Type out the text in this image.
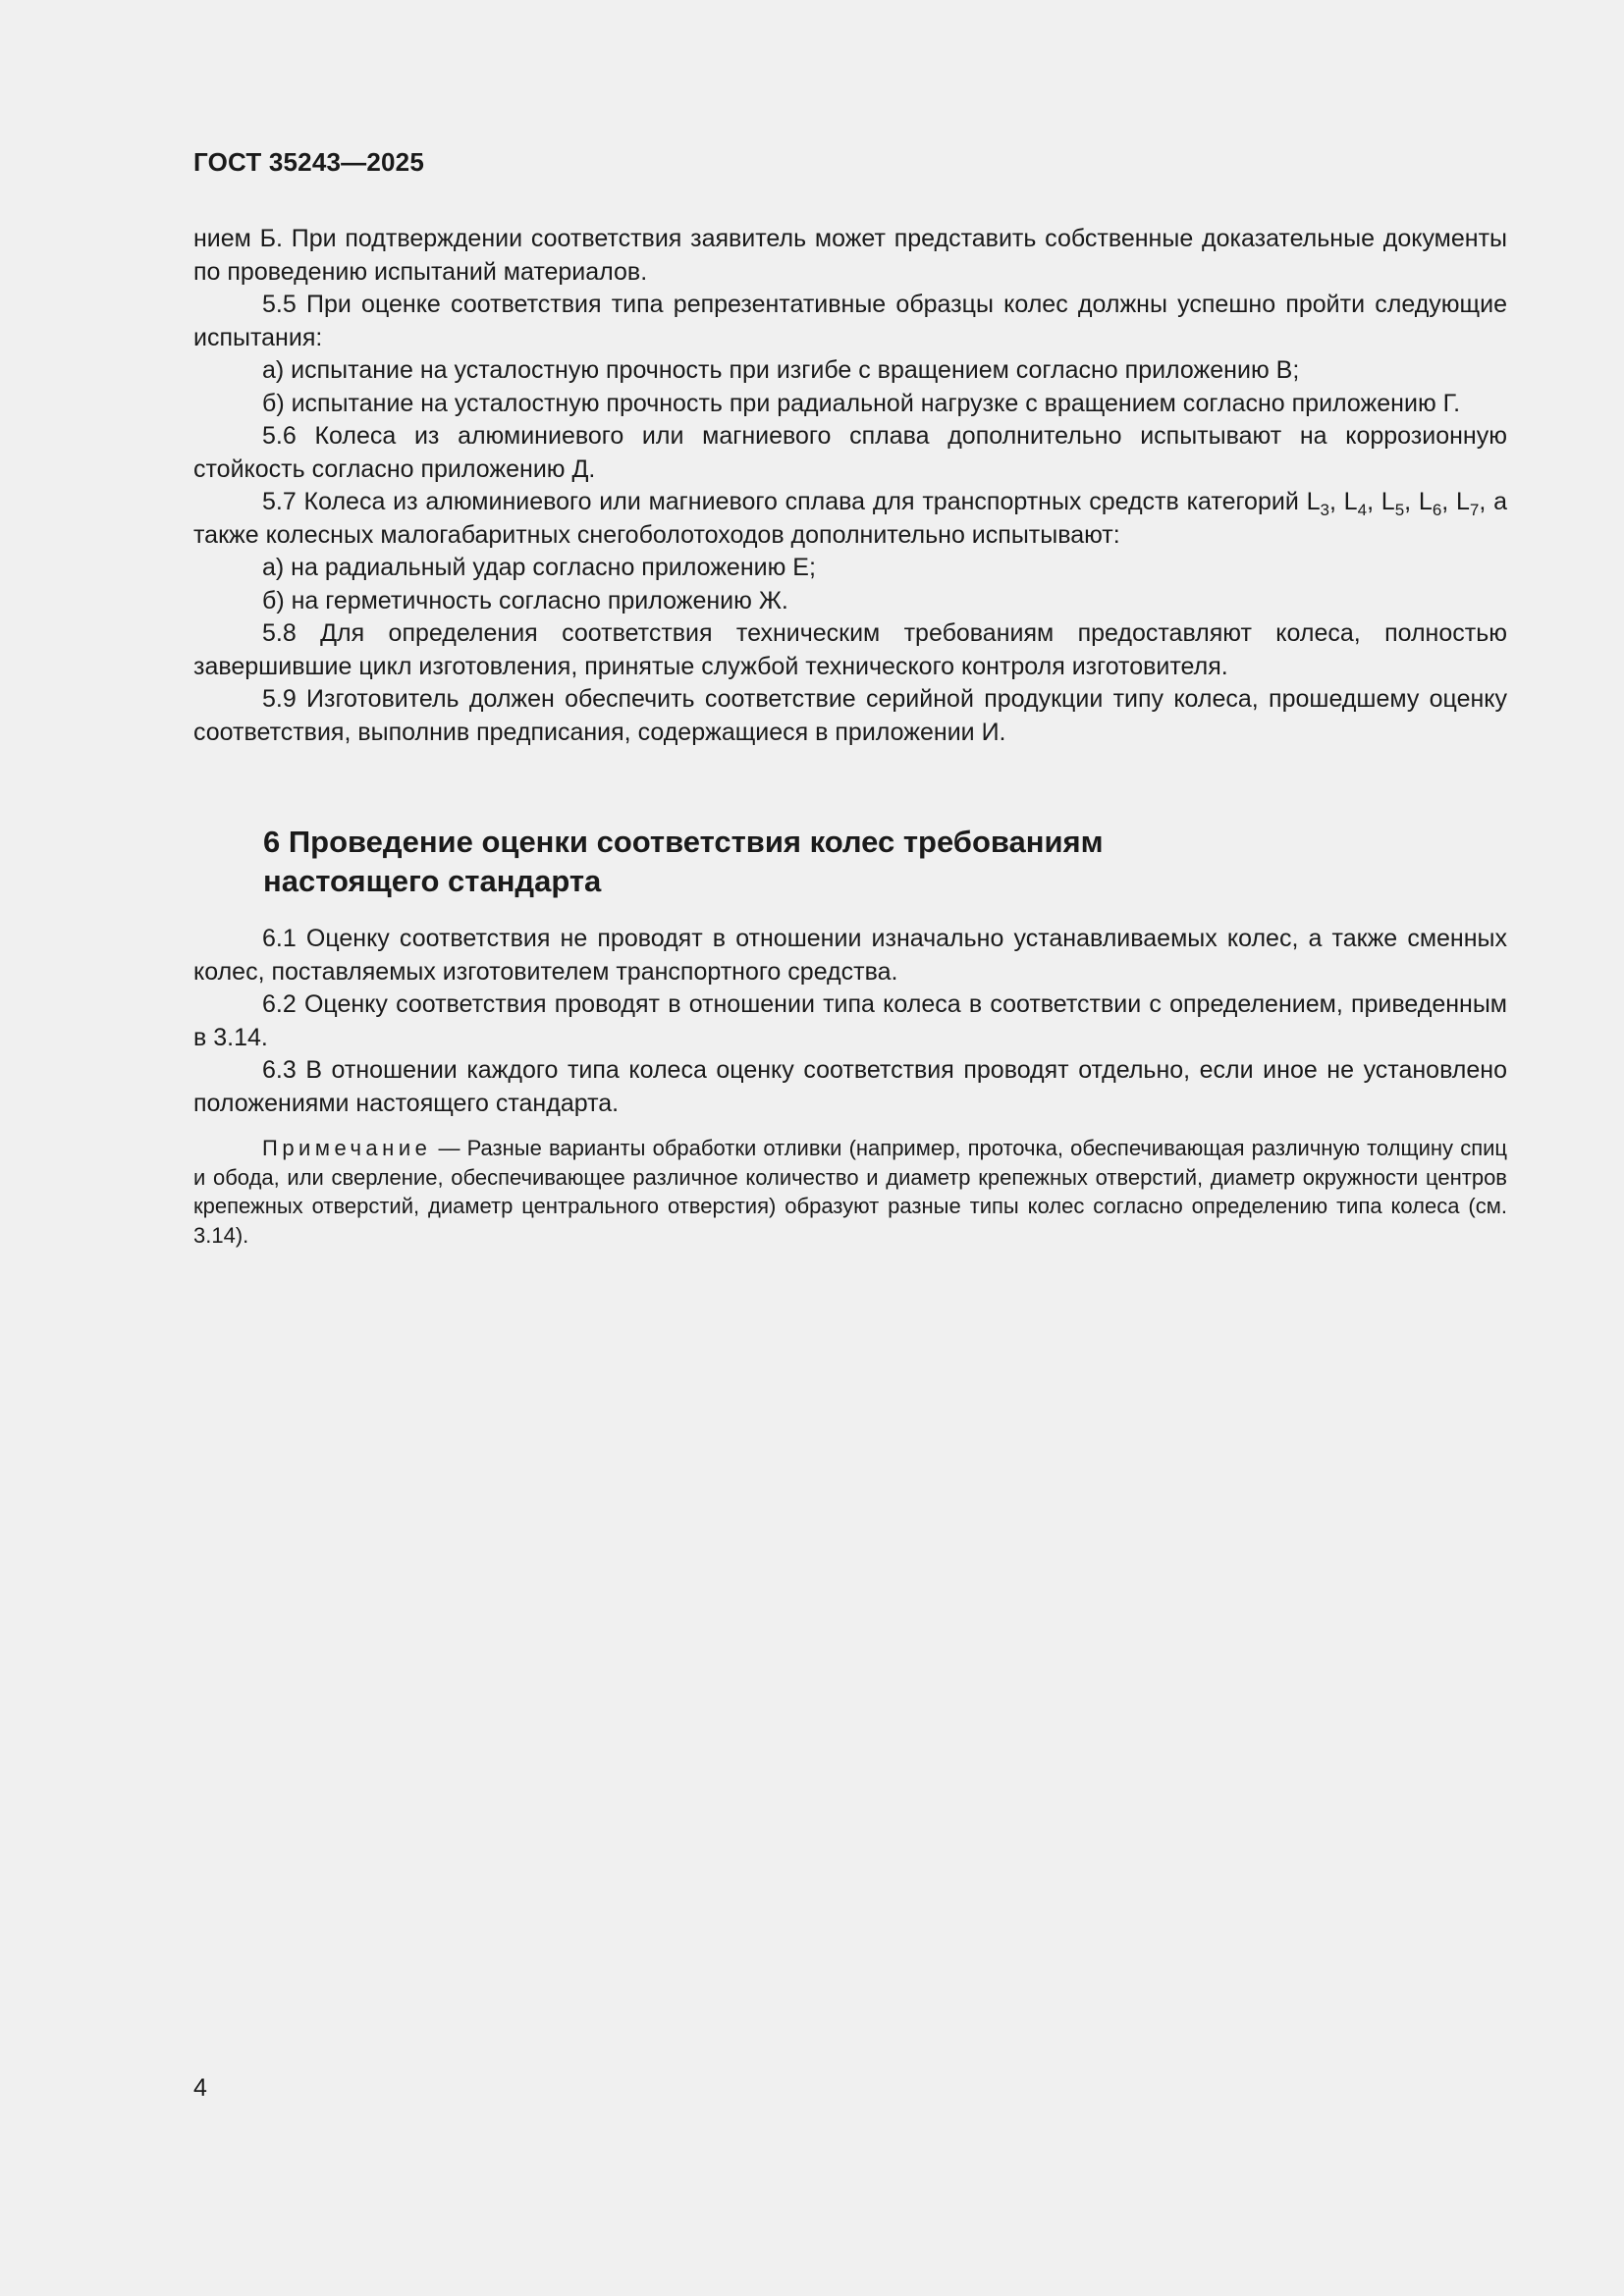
ГОСТ 35243—2025

нием Б. При подтверждении соответствия заявитель может представить собственные доказательные документы по проведению испытаний материалов.

5.5 При оценке соответствия типа репрезентативные образцы колес должны успешно пройти следующие испытания:

а) испытание на усталостную прочность при изгибе с вращением согласно приложению В;

б) испытание на усталостную прочность при радиальной нагрузке с вращением согласно приложению Г.

5.6 Колеса из алюминиевого или магниевого сплава дополнительно испытывают на коррозионную стойкость согласно приложению Д.

5.7 Колеса из алюминиевого или магниевого сплава для транспортных средств категорий $L_3$, $L_4$, $L_5$, $L_6$, $L_7$, а также колесных малогабаритных снегоболотоходов дополнительно испытывают:

а) на радиальный удар согласно приложению Е;

б) на герметичность согласно приложению Ж.

5.8 Для определения соответствия техническим требованиям предоставляют колеса, полностью завершившие цикл изготовления, принятые службой технического контроля изготовителя.

5.9 Изготовитель должен обеспечить соответствие серийной продукции типу колеса, прошедшему оценку соответствия, выполнив предписания, содержащиеся в приложении И.

6 Проведение оценки соответствия колес требованиям
настоящего стандарта

6.1 Оценку соответствия не проводят в отношении изначально устанавливаемых колес, а также сменных колес, поставляемых изготовителем транспортного средства.

6.2 Оценку соответствия проводят в отношении типа колеса в соответствии с определением, приведенным в 3.14.

6.3 В отношении каждого типа колеса оценку соответствия проводят отдельно, если иное не установлено положениями настоящего стандарта.

Примечание — Разные варианты обработки отливки (например, проточка, обеспечивающая различную толщину спиц и обода, или сверление, обеспечивающее различное количество и диаметр крепежных отверстий, диаметр окружности центров крепежных отверстий, диаметр центрального отверстия) образуют разные типы колес согласно определению типа колеса (см. 3.14).
4
